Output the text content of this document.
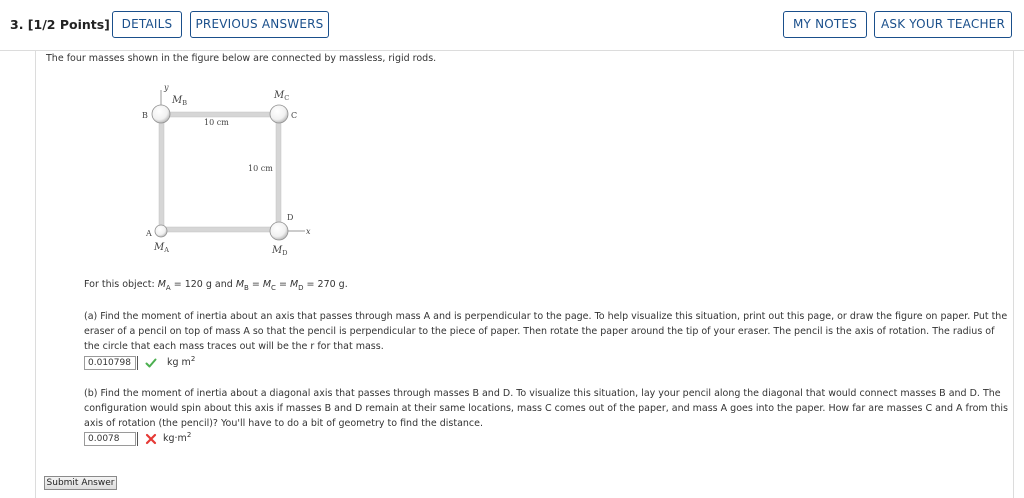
3. [1/2 Points] DETAILS	PREVIOUS ANSWERS	MY NOTES	ASK YOUR TEACHER
The four masses shown in the figure below are connected by massless, rigid rods.
y
x
B	C
A
D
$M_B$
$M_C$
$M_A$	$M_D$
10 cm
10 cm
For this object: $M_A = 120$ g and $M_B = M_C = M_D = 270$ g.
(a) Find the moment of inertia about an axis that passes through mass A and is perpendicular to the page. To help visualize this situation, print out this page, or draw the figure on paper. Put the eraser of a pencil on top of mass A so that the pencil is perpendicular to the piece of paper. Then rotate the paper around the tip of your eraser. The pencil is the axis of rotation. The radius of the circle that each mass traces out will be the r for that mass.
0.010798	kg $m^2$
(b) Find the moment of inertia about a diagonal axis that passes through masses B and D. To visualize this situation, lay your pencil along the diagonal that would connect masses B and D. The configuration would spin about this axis if masses B and D remain at their same locations, mass C comes out of the paper, and mass A goes into the paper. How far are masses C and A from this axis of rotation (the pencil)? You'll have to do a bit of geometry to find the distance.
0.0078	$kg\cdot m^2$
Submit Answer
